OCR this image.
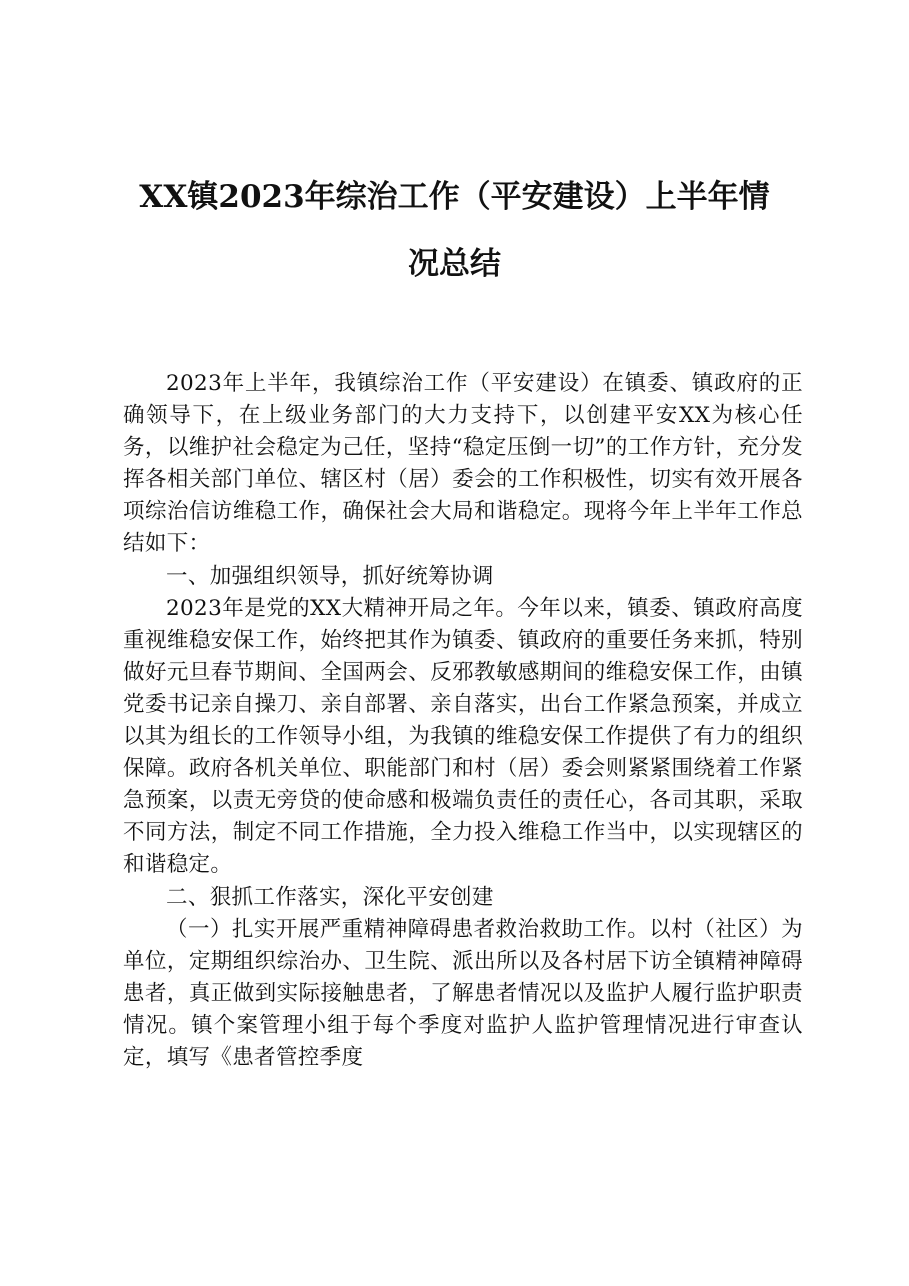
XX镇2023年综治工作（平安建设）上半年情
况总结

2023年上半年，我镇综治工作（平安建设）在镇委、镇政府的正确领导下，在上级业务部门的大力支持下，以创建平安XX为核心任务，以维护社会稳定为己任，坚持“稳定压倒一切”的工作方针，充分发挥各相关部门单位、辖区村（居）委会的工作积极性，切实有效开展各项综治信访维稳工作，确保社会大局和谐稳定。现将今年上半年工作总结如下：

一、加强组织领导，抓好统筹协调

2023年是党的XX大精神开局之年。今年以来，镇委、镇政府高度重视维稳安保工作，始终把其作为镇委、镇政府的重要任务来抓，特别做好元旦春节期间、全国两会、反邪教敏感期间的维稳安保工作，由镇党委书记亲自操刀、亲自部署、亲自落实，出台工作紧急预案，并成立以其为组长的工作领导小组，为我镇的维稳安保工作提供了有力的组织保障。政府各机关单位、职能部门和村（居）委会则紧紧围绕着工作紧急预案，以责无旁贷的使命感和极端负责任的责任心，各司其职，采取不同方法，制定不同工作措施，全力投入维稳工作当中，以实现辖区的和谐稳定。

二、狠抓工作落实，深化平安创建

（一）扎实开展严重精神障碍患者救治救助工作。以村（社区）为单位，定期组织综治办、卫生院、派出所以及各村居下访全镇精神障碍患者，真正做到实际接触患者，了解患者情况以及监护人履行监护职责情况。镇个案管理小组于每个季度对监护人监护管理情况进行审查认定，填写《患者管控季度
